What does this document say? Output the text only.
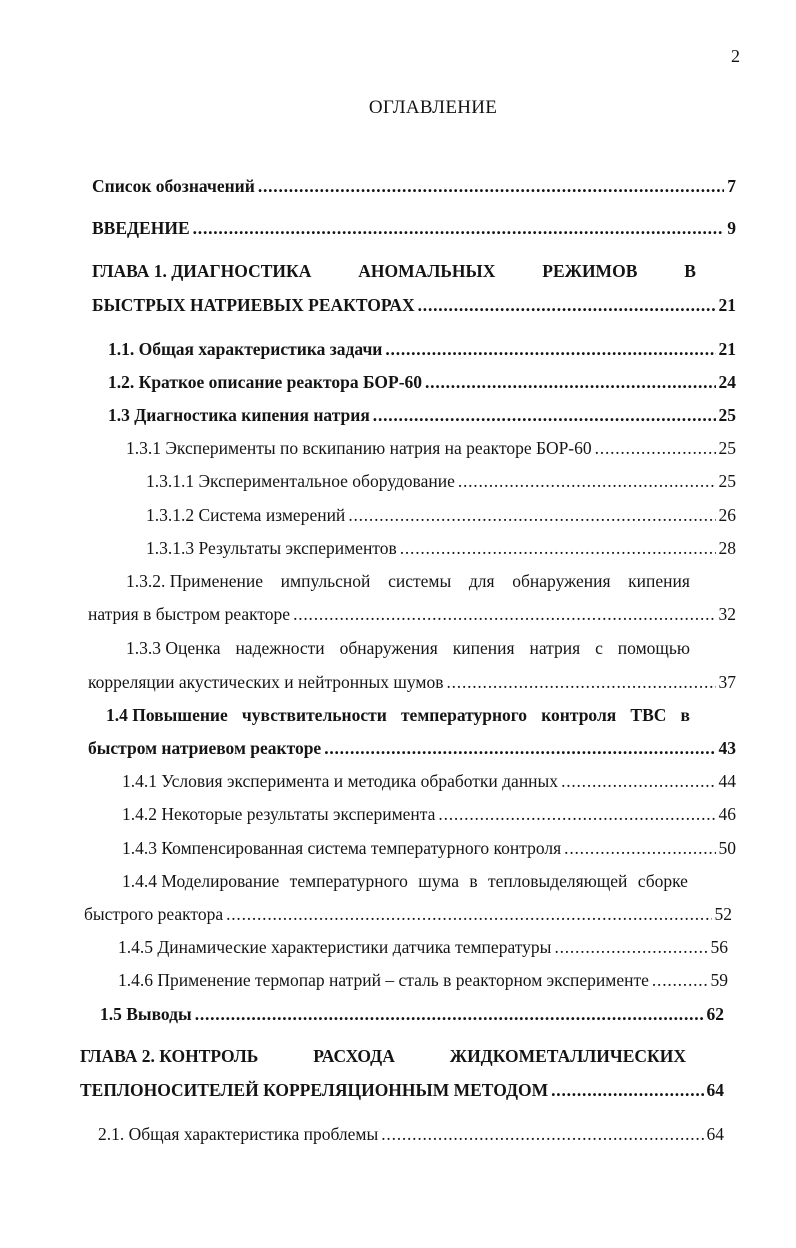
2
ОГЛАВЛЕНИЕ
Список обозначений . . .	7
ВВЕДЕНИЕ . . .	9
ГЛАВА 1. ДИАГНОСТИКА	АНОМАЛЬНЫХ	РЕЖИМОВ	В
БЫСТРЫХ НАТРИЕВЫХ РЕАКТОРАХ . . .	21
1.1. Общая характеристика задачи . . .	21
1.2. Краткое описание реактора БОР-60 . . .	24
1.3 Диагностика кипения натрия . . .	25
1.3.1 Эксперименты по вскипанию натрия на реакторе БОР-60 . . .	25
1.3.1.1 Экспериментальное оборудование . . .	25
1.3.1.2 Система измерений . . .	26
1.3.1.3 Результаты экспериментов . . .	28
1.3.2. Применение импульсной системы для обнаружения кипения
натрия в быстром реакторе . . .	32
1.3.3 Оценка надежности обнаружения кипения натрия с помощью
корреляции акустических и нейтронных шумов . . .	37
1.4 Повышение чувствительности температурного контроля ТВС в
быстром натриевом реакторе . . .	43
1.4.1 Условия эксперимента и методика обработки данных . . .	44
1.4.2 Некоторые результаты эксперимента . . .	46
1.4.3 Компенсированная система температурного контроля . . .	50
1.4.4 Моделирование температурного шума в тепловыделяющей сборке
быстрого реактора . . .	52
1.4.5 Динамические характеристики датчика температуры . . .	56
1.4.6 Применение термопар натрий – сталь в реакторном эксперименте . . .	59
1.5 Выводы . . .	62
ГЛАВА 2. КОНТРОЛЬ	РАСХОДА	ЖИДКОМЕТАЛЛИЧЕСКИХ
ТЕПЛОНОСИТЕЛЕЙ КОРРЕЛЯЦИОННЫМ МЕТОДОМ . . .	64
2.1. Общая характеристика проблемы . . .	64
